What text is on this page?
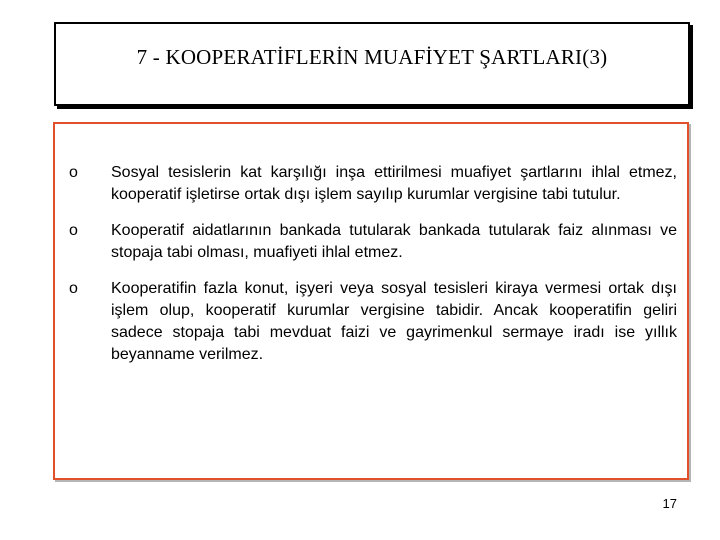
7 - KOOPERATİFLERİN MUAFİYET ŞARTLARI(3)
o Sosyal tesislerin kat karşılığı inşa ettirilmesi muafiyet şartlarını ihlal etmez, kooperatif işletirse ortak dışı işlem sayılıp kurumlar vergisine tabi tutulur.
o Kooperatif aidatlarının bankada tutularak bankada tutularak faiz alınması ve stopaja tabi olması, muafiyeti ihlal etmez.
o Kooperatifin fazla konut, işyeri veya sosyal tesisleri kiraya vermesi ortak dışı işlem olup, kooperatif kurumlar vergisine tabidir. Ancak kooperatifin geliri sadece stopaja tabi mevduat faizi ve gayrimenkul sermaye iradı ise yıllık beyanname verilmez.
17
